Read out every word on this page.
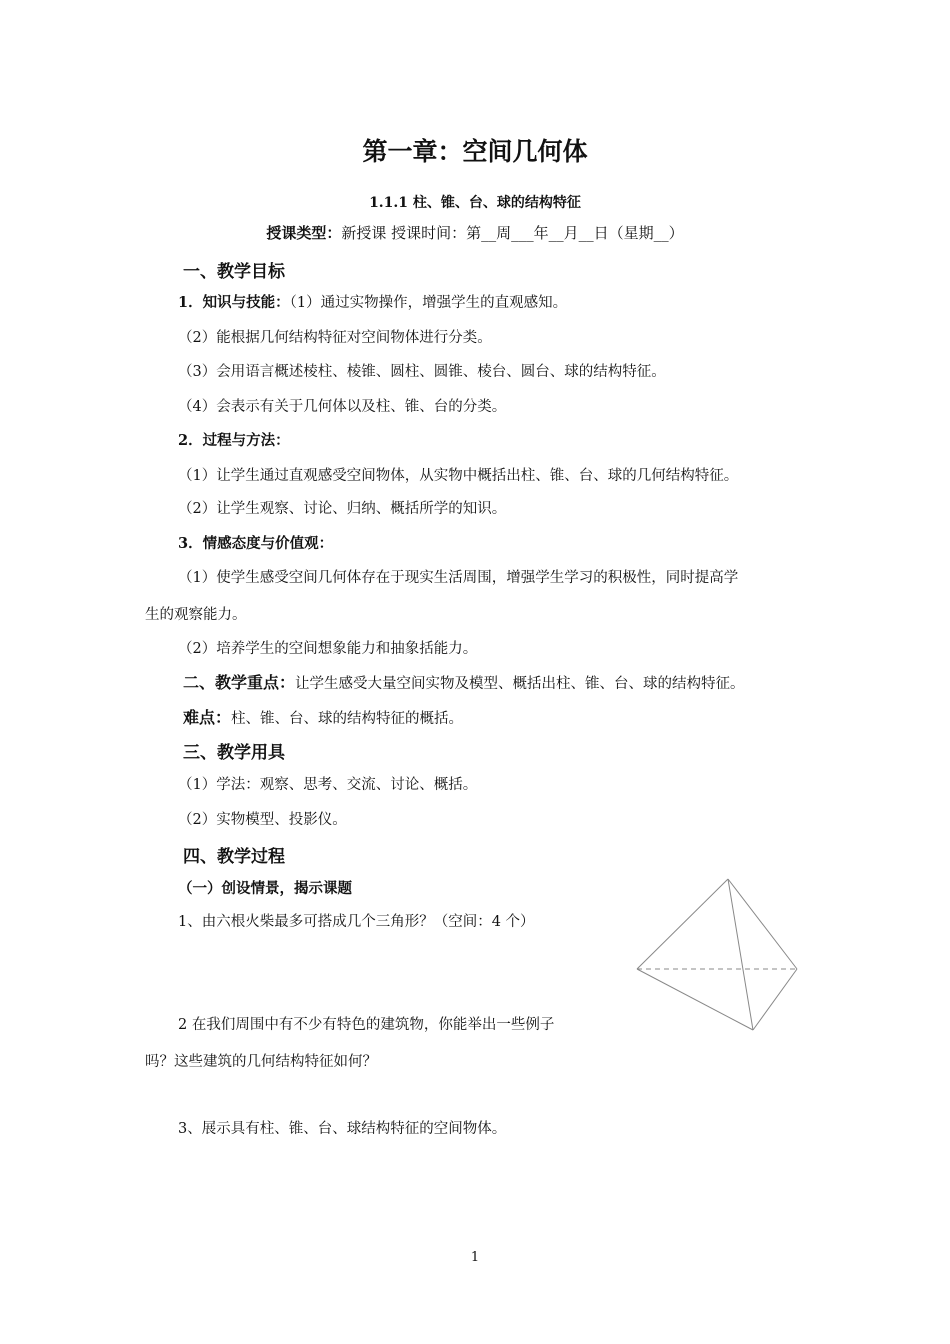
第一章：空间几何体
1.1.1 柱、锥、台、球的结构特征
授课类型：新授课 授课时间：第__周___年__月__日（星期__）
一、教学目标
1．知识与技能：（1）通过实物操作，增强学生的直观感知。
（2）能根据几何结构特征对空间物体进行分类。
（3）会用语言概述棱柱、棱锥、圆柱、圆锥、棱台、圆台、球的结构特征。
（4）会表示有关于几何体以及柱、锥、台的分类。
2．过程与方法：
（1）让学生通过直观感受空间物体，从实物中概括出柱、锥、台、球的几何结构特征。
（2）让学生观察、讨论、归纳、概括所学的知识。
3．情感态度与价值观：
（1）使学生感受空间几何体存在于现实生活周围，增强学生学习的积极性，同时提高学
生的观察能力。
（2）培养学生的空间想象能力和抽象括能力。
二、教学重点：让学生感受大量空间实物及模型、概括出柱、锥、台、球的结构特征。
难点：柱、锥、台、球的结构特征的概括。
三、教学用具
（1）学法：观察、思考、交流、讨论、概括。
（2）实物模型、投影仪。
四、教学过程
（一）创设情景，揭示课题
1、由六根火柴最多可搭成几个三角形？（空间：4 个）
2 在我们周围中有不少有特色的建筑物，你能举出一些例子
吗？这些建筑的几何结构特征如何？
3、展示具有柱、锥、台、球结构特征的空间物体。
1
